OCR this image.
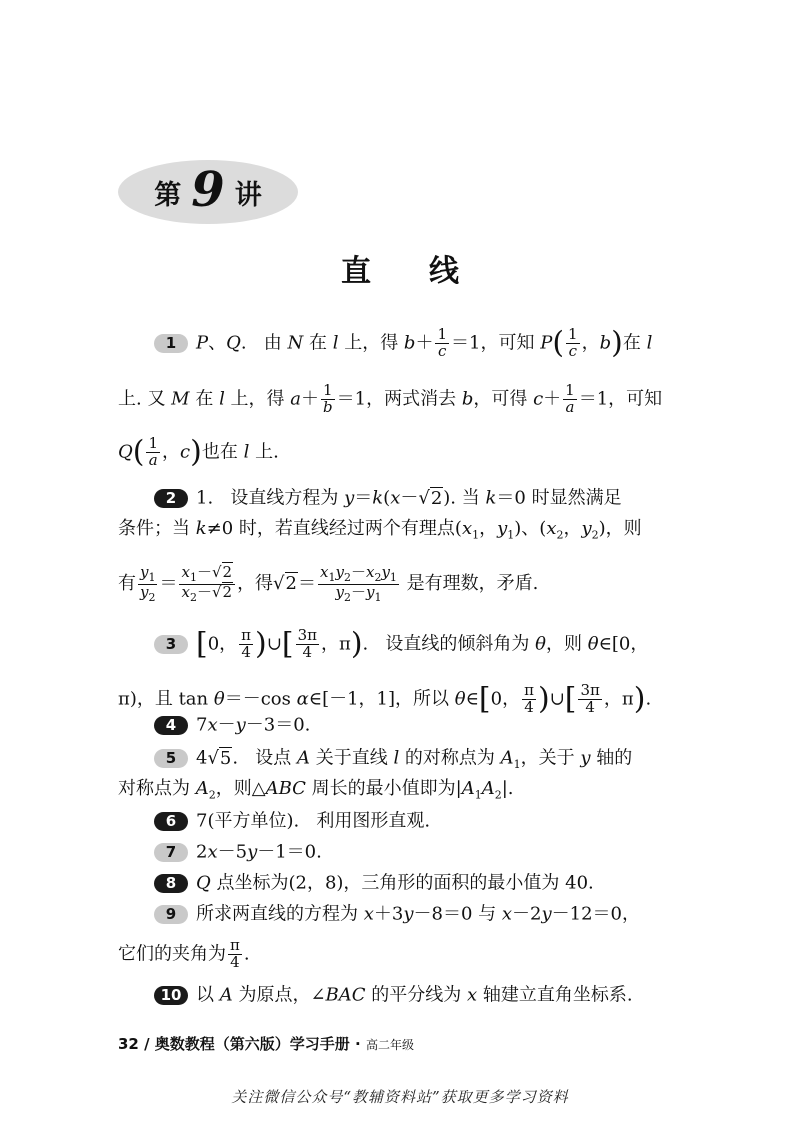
第 9 讲
直线
1 P、Q.   由 N 在 l 上，得 $b+ \frac{1}{c} =1$，可知 $P( \frac{1}{c}$ ，b)在 l
上. 又 M 在 l 上，得 $a+ \frac{1}{b} =1$，两式消去 b，可得 $c+ \frac{1}{a} =1$，可知
$Q( \frac{1}{a}$ ，c)也在 l 上.
2 1.   设直线方程为 y＝k(x－√2). 当 k＝0 时显然满足
条件；当 k≠0 时，若直线经过两个有理点($x_1$，$y_1$)、($x_2$，$y_2$)，则
有 $\frac{y_1}{y_2} = \frac{x_1-√2}{x_2-√2}$ ，得$√2= \frac{x_1y_2-x_2y_1}{y_2-y_1}$ 是有理数，矛盾.
3 [0， $\frac{\pi}{4}$ )∪[ $\frac{3\pi}{4}$ ，π).   设直线的倾斜角为 θ，则 θ∈[0，
π)，且 tan θ＝－cos α∈[－1，1]，所以 θ∈[0， $\frac{\pi}{4}$ )∪[ $\frac{3\pi}{4}$ ，π).
4 7x－y－3＝0.
5 4√5.   设点 A 关于直线 l 的对称点为 $A_1$，关于 y 轴的
对称点为 $A_2$，则△ABC 周长的最小值即为$|A_1A_2|$.
6 7(平方单位).   利用图形直观.
7 2x－5y－1＝0.
8 Q 点坐标为(2，8)，三角形的面积的最小值为 40.
9 所求两直线的方程为 x＋3y－8＝0 与 x－2y－12＝0，
它们的夹角为 $\frac{\pi}{4}$ .
10 以 A 为原点，∠BAC 的平分线为 x 轴建立直角坐标系.
32 / 奥数教程（第六版）学习手册 · 高二年级
关注微信公众号“教辅资料站”获取更多学习资料
